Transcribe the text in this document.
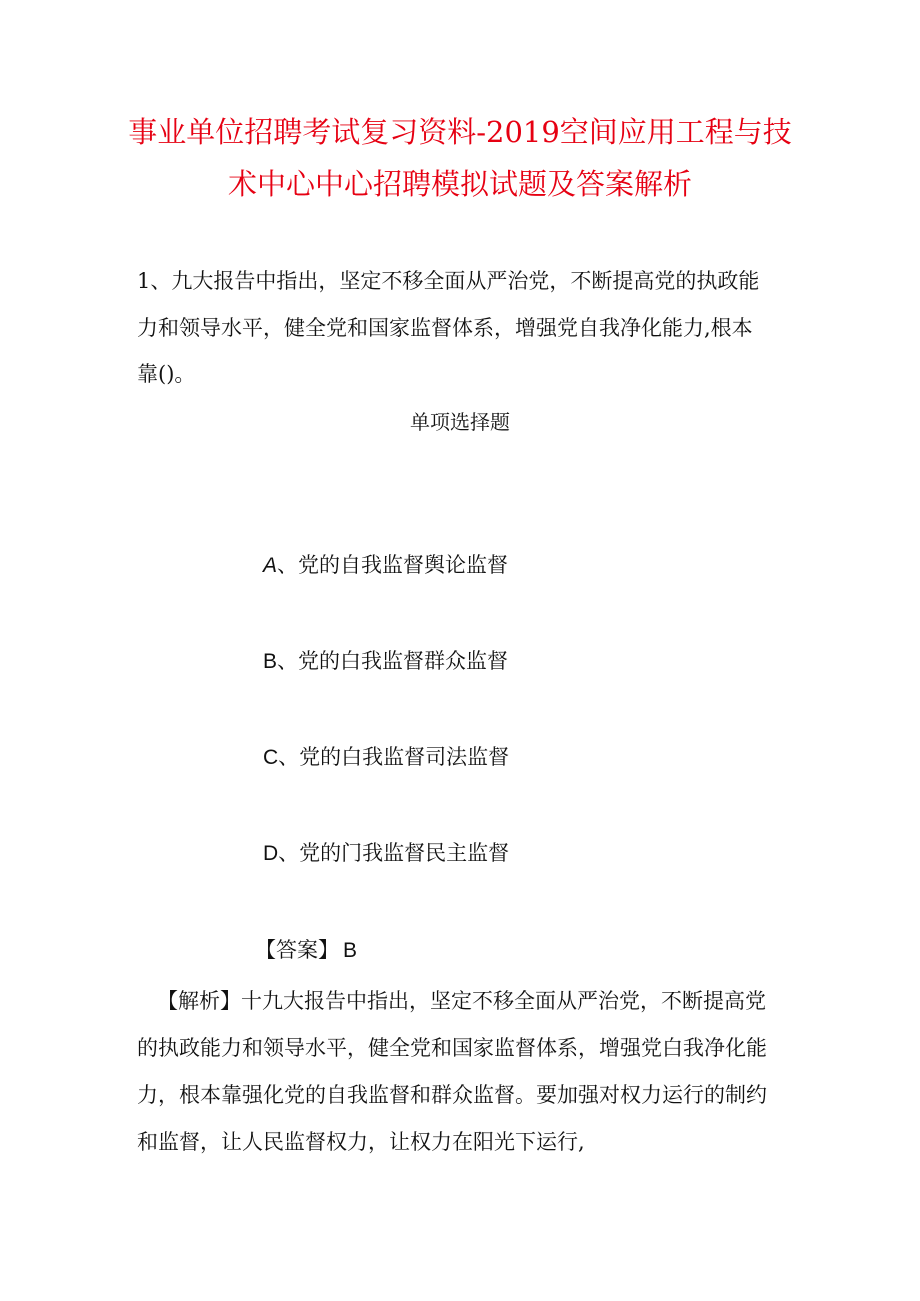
事业单位招聘考试复习资料-2019空间应用工程与技
术中心中心招聘模拟试题及答案解析
1、九大报告中指出，坚定不移全面从严治党，不断提高党的执政能
力和领导水平，健全党和国家监督体系，增强党自我净化能力,根本
靠()。
单项选择题
A、党的自我监督舆论监督
B、党的白我监督群众监督
C、党的白我监督司法监督
D、党的门我监督民主监督
【答案】 B
【解析】十九大报告中指出，坚定不移全面从严治党，不断提高党
的执政能力和领导水平，健全党和国家监督体系，增强党白我净化能
力，根本靠强化党的自我监督和群众监督。要加强对权力运行的制约
和监督，让人民监督权力，让权力在阳光下运行,
